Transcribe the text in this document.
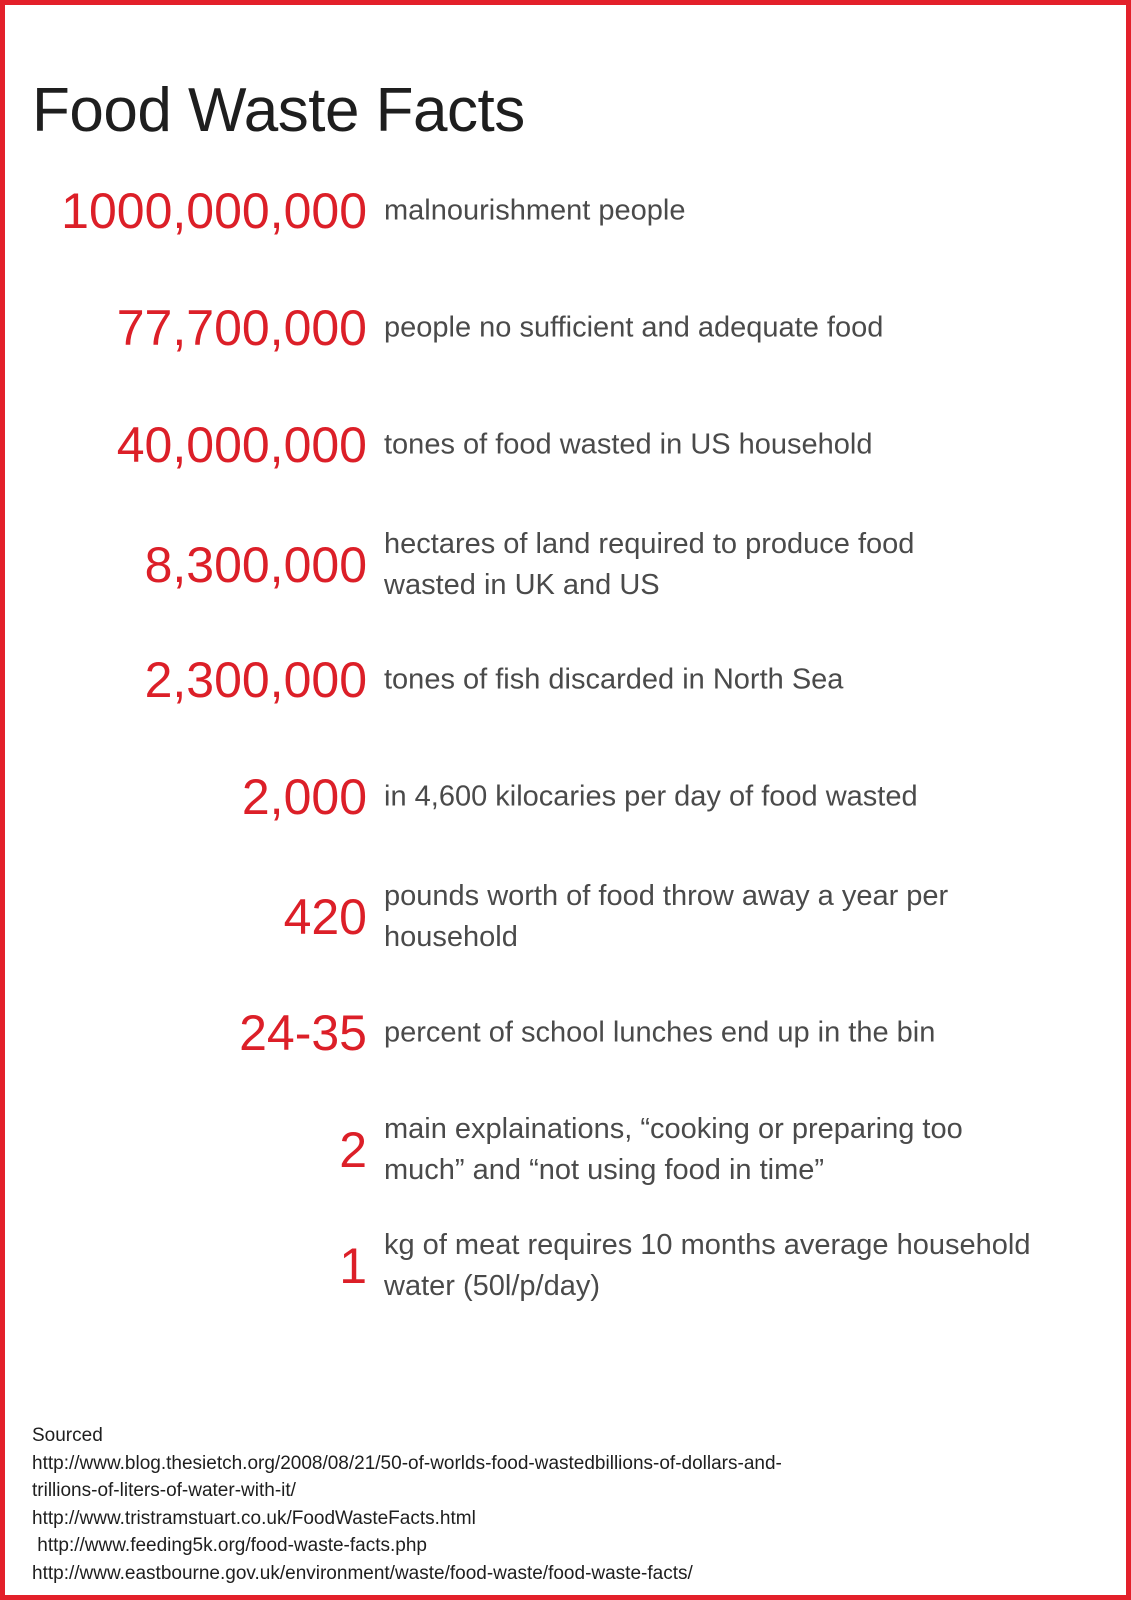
Food Waste Facts
1000,000,000 malnourishment people
77,700,000 people no sufficient and adequate food
40,000,000 tones of food wasted in US household
8,300,000 hectares of land required to produce food
wasted in UK and US
2,300,000 tones of fish discarded in North Sea
2,000 in 4,600 kilocaries per day of food wasted
420 pounds worth of food throw away a year per
household
24-35 percent of school lunches end up in the bin
2 main explainations, “cooking or preparing too
much” and “not using food in time”
1 kg of meat requires 10 months average household
water (50l/p/day)
Sourced
http://www.blog.thesietch.org/2008/08/21/50-of-worlds-food-wastedbillions-of-dollars-and-
trillions-of-liters-of-water-with-it/
http://www.tristramstuart.co.uk/FoodWasteFacts.html
http://www.feeding5k.org/food-waste-facts.php
http://www.eastbourne.gov.uk/environment/waste/food-waste/food-waste-facts/
